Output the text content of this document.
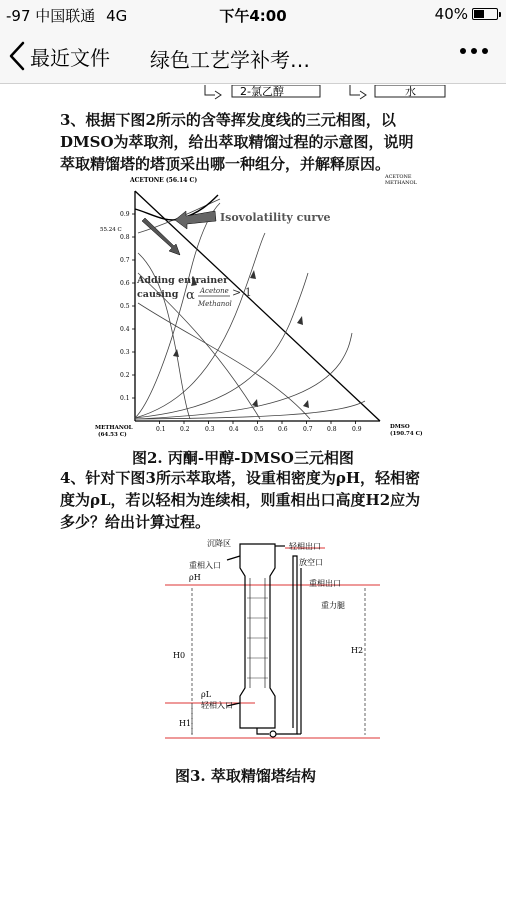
-97 中国联通 4G	下午4:00	40%
最近文件 绿色工艺学补考…
2-氯乙醇	水
3、根据下图2所示的含等挥发度线的三元相图，以
DMSO为萃取剂，给出萃取精馏过程的示意图，说明
萃取精馏塔的塔顶采出哪一种组分，并解释原因。
0.1 0.2	0.3 0.4	0.5 0.6	0.7 0.8	0.9
0.9
0.8
0.7
0.6
0.5
0.4
0.3
0.2
0.1
ACETONE (56.14 C)	ACETONE
METHANOL
55.24 C
Isovolatility curve
Adding entrainer
causing α Acetone
Methanol
> 1
METHANOL
(64.53 C)
DMSO
(190.74 C)
图2. 丙酮-甲醇-DMSO三元相图
4、针对下图3所示萃取塔，设重相密度为ρH，轻相密
度为ρL，若以轻相为连续相，则重相出口高度H2应为
多少？给出计算过程。
沉降区	轻相出口
放空口
重相入口
ρH
重相出口
重力腿
H0
H2
ρL
轻相入口
H1
图3. 萃取精馏塔结构
